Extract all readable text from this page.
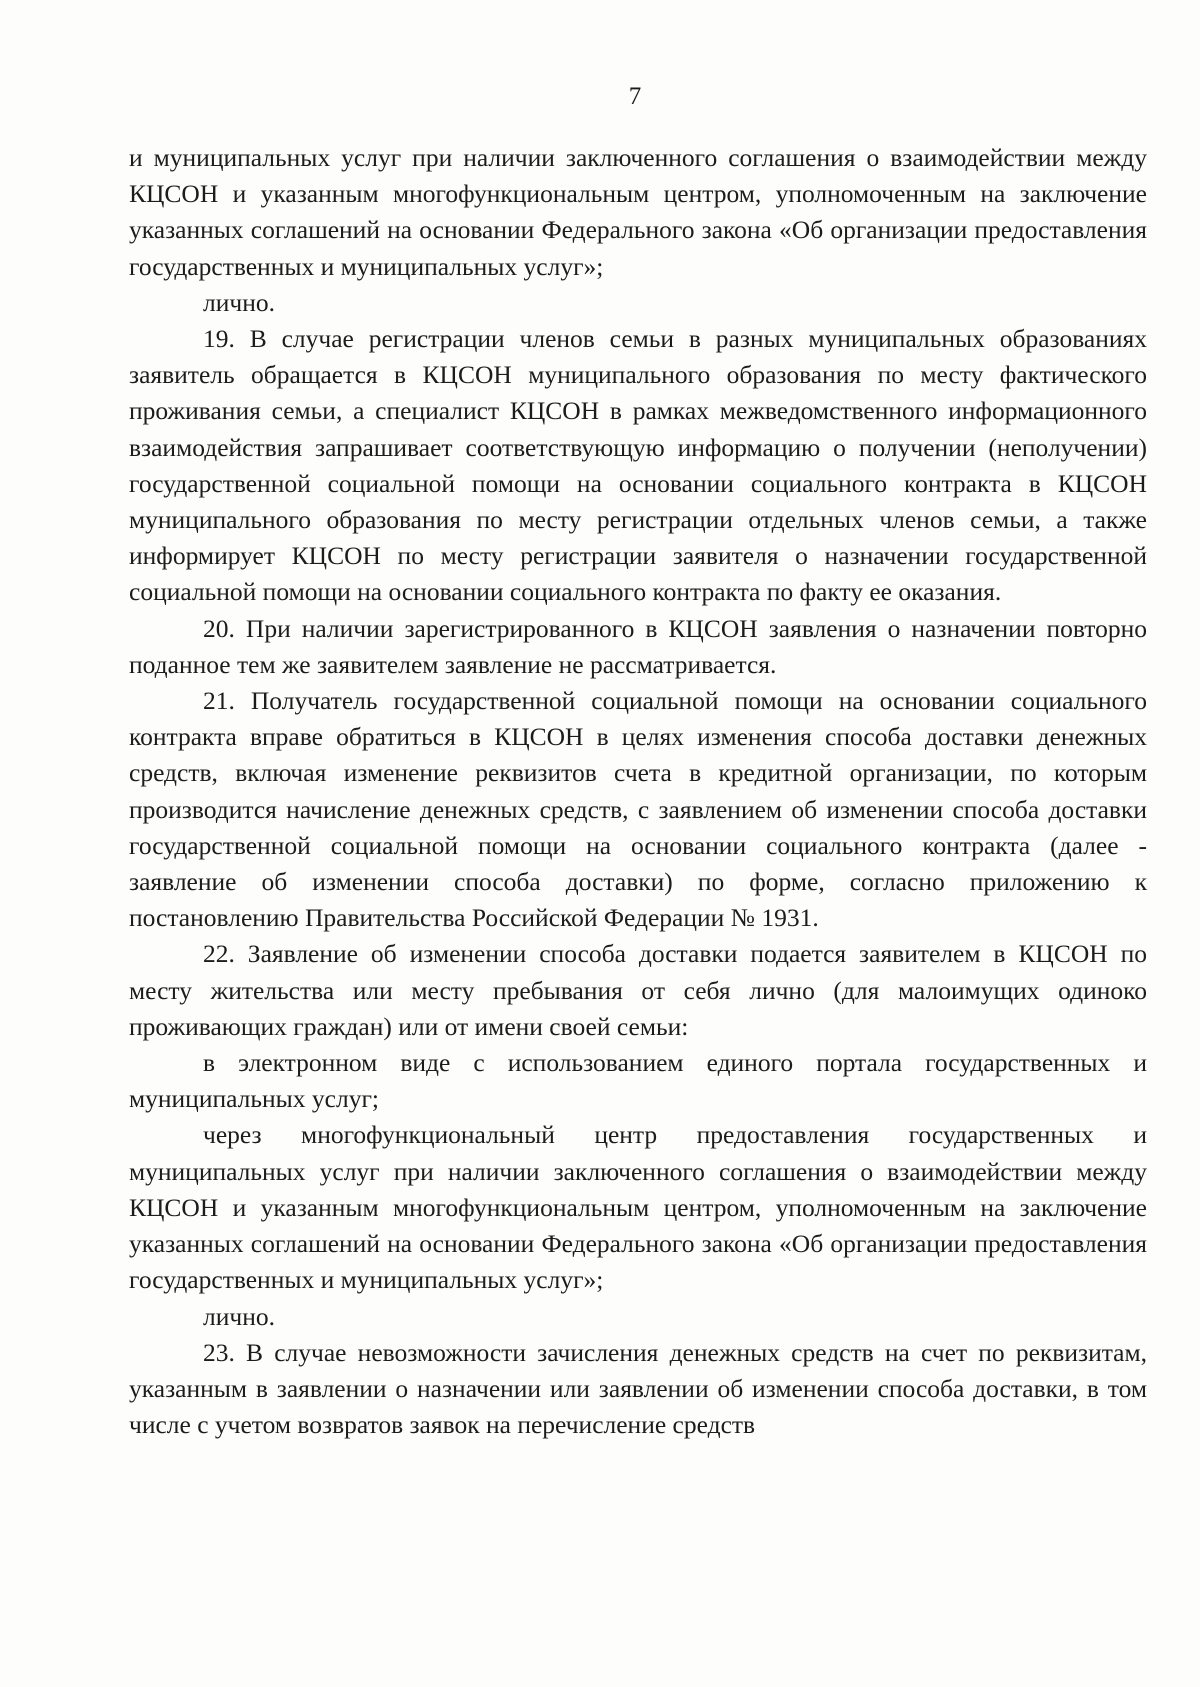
7

и муниципальных услуг при наличии заключенного соглашения о взаимодействии между КЦСОН и указанным многофункциональным центром, уполномоченным на заключение указанных соглашений на основании Федерального закона «Об организации предоставления государственных и муниципальных услуг»;

лично.

19. В случае регистрации членов семьи в разных муниципальных образованиях заявитель обращается в КЦСОН муниципального образования по месту фактического проживания семьи, а специалист КЦСОН в рамках межведомственного информационного взаимодействия запрашивает соответствующую информацию о получении (неполучении) государственной социальной помощи на основании социального контракта в КЦСОН муниципального образования по месту регистрации отдельных членов семьи, а также информирует КЦСОН по месту регистрации заявителя о назначении государственной социальной помощи на основании социального контракта по факту ее оказания.

20. При наличии зарегистрированного в КЦСОН заявления о назначении повторно поданное тем же заявителем заявление не рассматривается.

21. Получатель государственной социальной помощи на основании социального контракта вправе обратиться в КЦСОН в целях изменения способа доставки денежных средств, включая изменение реквизитов счета в кредитной организации, по которым производится начисление денежных средств, с заявлением об изменении способа доставки государственной социальной помощи на основании социального контракта (далее - заявление об изменении способа доставки) по форме, согласно приложению к постановлению Правительства Российской Федерации № 1931.

22. Заявление об изменении способа доставки подается заявителем в КЦСОН по месту жительства или месту пребывания от себя лично (для малоимущих одиноко проживающих граждан) или от имени своей семьи:

в электронном виде с использованием единого портала государственных и муниципальных услуг;

через многофункциональный центр предоставления государственных и муниципальных услуг при наличии заключенного соглашения о взаимодействии между КЦСОН и указанным многофункциональным центром, уполномоченным на заключение указанных соглашений на основании Федерального закона «Об организации предоставления государственных и муниципальных услуг»;

лично.

23. В случае невозможности зачисления денежных средств на счет по реквизитам, указанным в заявлении о назначении или заявлении об изменении способа доставки, в том числе с учетом возвратов заявок на перечисление средств
